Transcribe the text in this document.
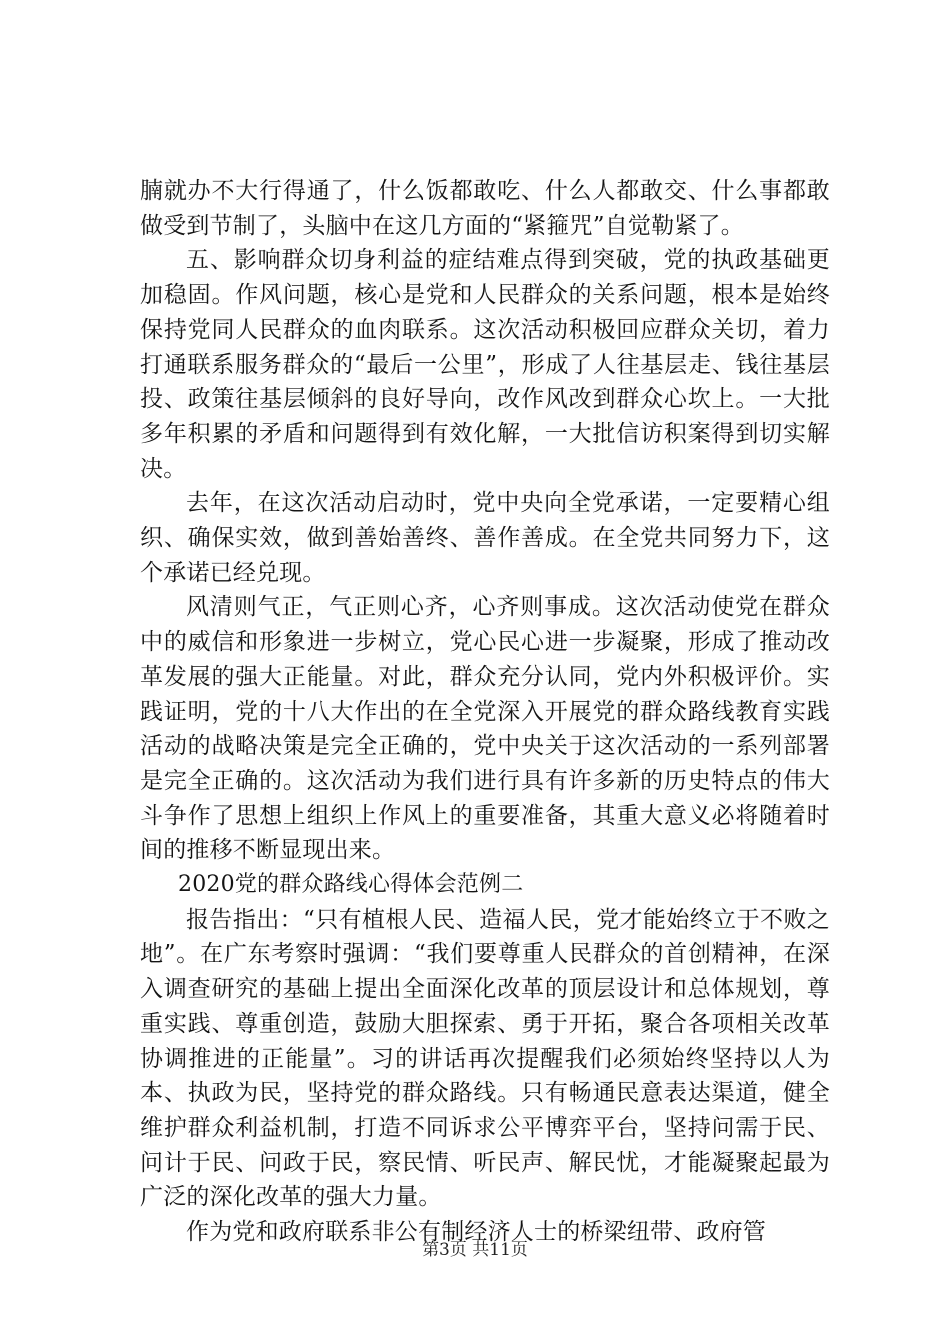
腩就办不大行得通了，什么饭都敢吃、什么人都敢交、什么事都敢做受到节制了，头脑中在这几方面的“紧箍咒”自觉勒紧了。

五、影响群众切身利益的症结难点得到突破，党的执政基础更加稳固。作风问题，核心是党和人民群众的关系问题，根本是始终保持党同人民群众的血肉联系。这次活动积极回应群众关切，着力打通联系服务群众的“最后一公里”，形成了人往基层走、钱往基层投、政策往基层倾斜的良好导向，改作风改到群众心坎上。一大批多年积累的矛盾和问题得到有效化解，一大批信访积案得到切实解决。

去年，在这次活动启动时，党中央向全党承诺，一定要精心组织、确保实效，做到善始善终、善作善成。在全党共同努力下，这个承诺已经兑现。

风清则气正，气正则心齐，心齐则事成。这次活动使党在群众中的威信和形象进一步树立，党心民心进一步凝聚，形成了推动改革发展的强大正能量。对此，群众充分认同，党内外积极评价。实践证明，党的十八大作出的在全党深入开展党的群众路线教育实践活动的战略决策是完全正确的，党中央关于这次活动的一系列部署是完全正确的。这次活动为我们进行具有许多新的历史特点的伟大斗争作了思想上组织上作风上的重要准备，其重大意义必将随着时间的推移不断显现出来。

2020党的群众路线心得体会范例二

报告指出：“只有植根人民、造福人民，党才能始终立于不败之地”。在广东考察时强调：“我们要尊重人民群众的首创精神，在深入调查研究的基础上提出全面深化改革的顶层设计和总体规划，尊重实践、尊重创造，鼓励大胆探索、勇于开拓，聚合各项相关改革协调推进的正能量”。习的讲话再次提醒我们必须始终坚持以人为本、执政为民，坚持党的群众路线。只有畅通民意表达渠道，健全维护群众利益机制，打造不同诉求公平博弈平台，坚持问需于民、问计于民、问政于民，察民情、听民声、解民忧，才能凝聚起最为广泛的深化改革的强大力量。

作为党和政府联系非公有制经济人士的桥梁纽带、政府管

第3页 共11页
